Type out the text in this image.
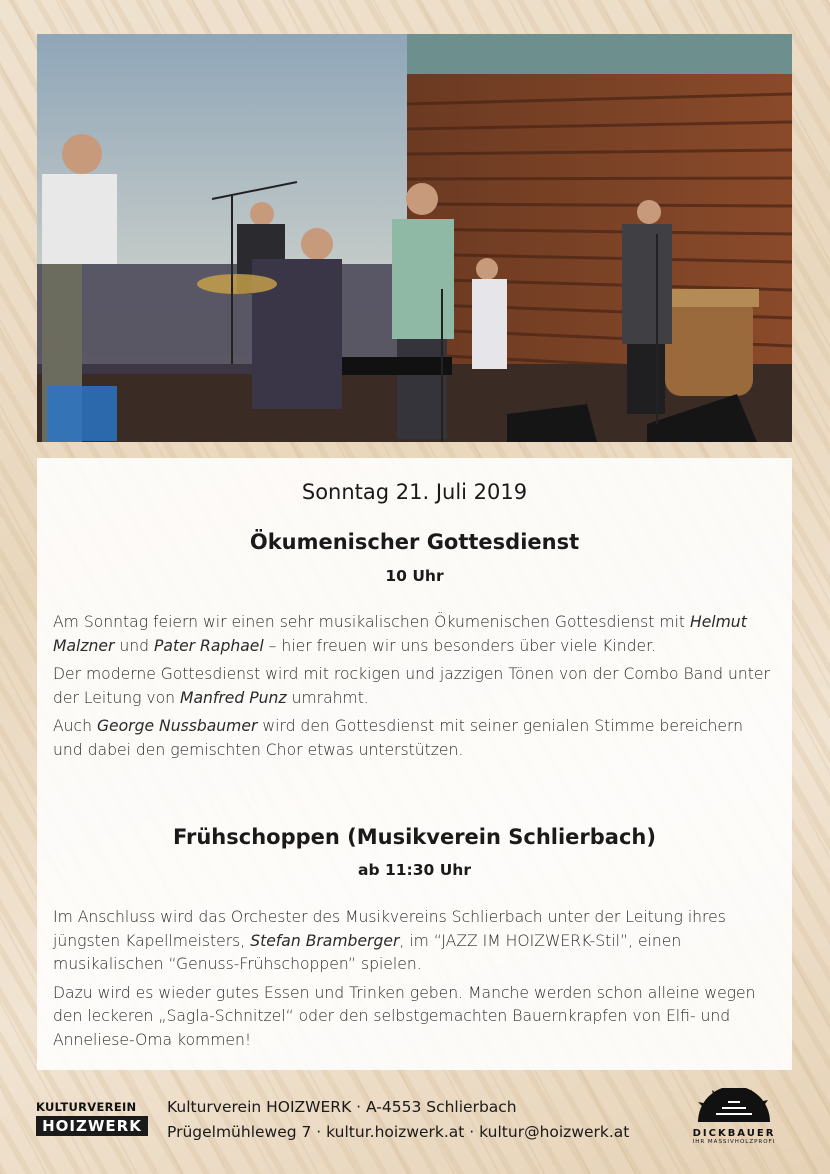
Sonntag 21. Juli 2019
Ökumenischer Gottesdienst
10 Uhr

Am Sonntag feiern wir einen sehr musikalischen Ökumenischen Gottesdienst mit Helmut Malzner und Pater Raphael – hier freuen wir uns besonders über viele Kinder.

Der moderne Gottesdienst wird mit rockigen und jazzigen Tönen von der Combo Band unter der Leitung von Manfred Punz umrahmt.

Auch George Nussbaumer wird den Gottesdienst mit seiner genialen Stimme bereichern und dabei den gemischten Chor etwas unterstützen.

Frühschoppen (Musikverein Schlierbach)
ab 11:30 Uhr

Im Anschluss wird das Orchester des Musikvereins Schlierbach unter der Leitung ihres jüngsten Kapellmeisters, Stefan Bramberger, im “JAZZ IM HOIZWERK-Stil”, einen musikalischen “Genuss-Frühschoppen” spielen.

Dazu wird es wieder gutes Essen und Trinken geben. Manche werden schon alleine wegen den leckeren „Sagla-Schnitzel“ oder den selbstgemachten Bauernkrapfen von Elfi- und Anneliese-Oma kommen!

KULTURVEREIN
HOIZWERK
Kulturverein HOIZWERK · A-4553 Schlierbach
Prügelmühleweg 7 · kultur.hoizwerk.at · kultur@hoizwerk.at	DICKBAUER
IHR MASSIVHOLZPROFI
